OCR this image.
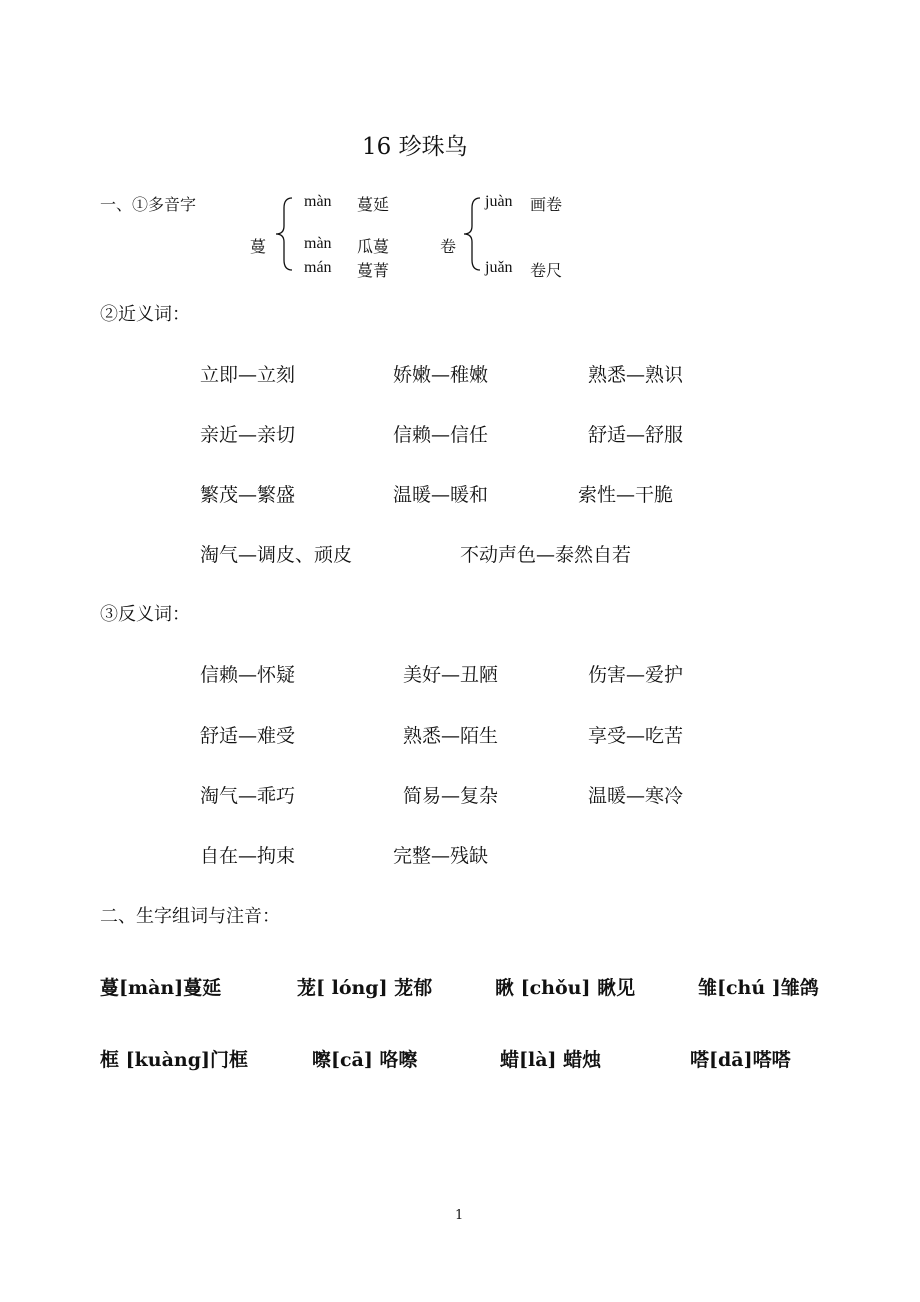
16 珍珠鸟
一、①多音字
蔓
màn 蔓延
màn 瓜蔓
mán 蔓菁
卷
juàn 画卷
juǎn 卷尺
②近义词：
立即—立刻	娇嫩—稚嫩	熟悉—熟识
亲近—亲切	信赖—信任	舒适—舒服
繁茂—繁盛	温暖—暖和	索性—干脆
淘气—调皮、顽皮	不动声色—泰然自若
③反义词：
信赖—怀疑	美好—丑陋	伤害—爱护
舒适—难受	熟悉—陌生	享受—吃苦
淘气—乖巧	简易—复杂	温暖—寒冷
自在—拘束	完整—残缺
二、生字组词与注音：
蔓[màn]蔓延	茏[ lóng] 茏郁	瞅 [chǒu] 瞅见	雏[chú ]雏鸽
框 [kuàng]门框	嚓[cā] 咯嚓	蜡[là] 蜡烛	嗒[dā]嗒嗒
1
